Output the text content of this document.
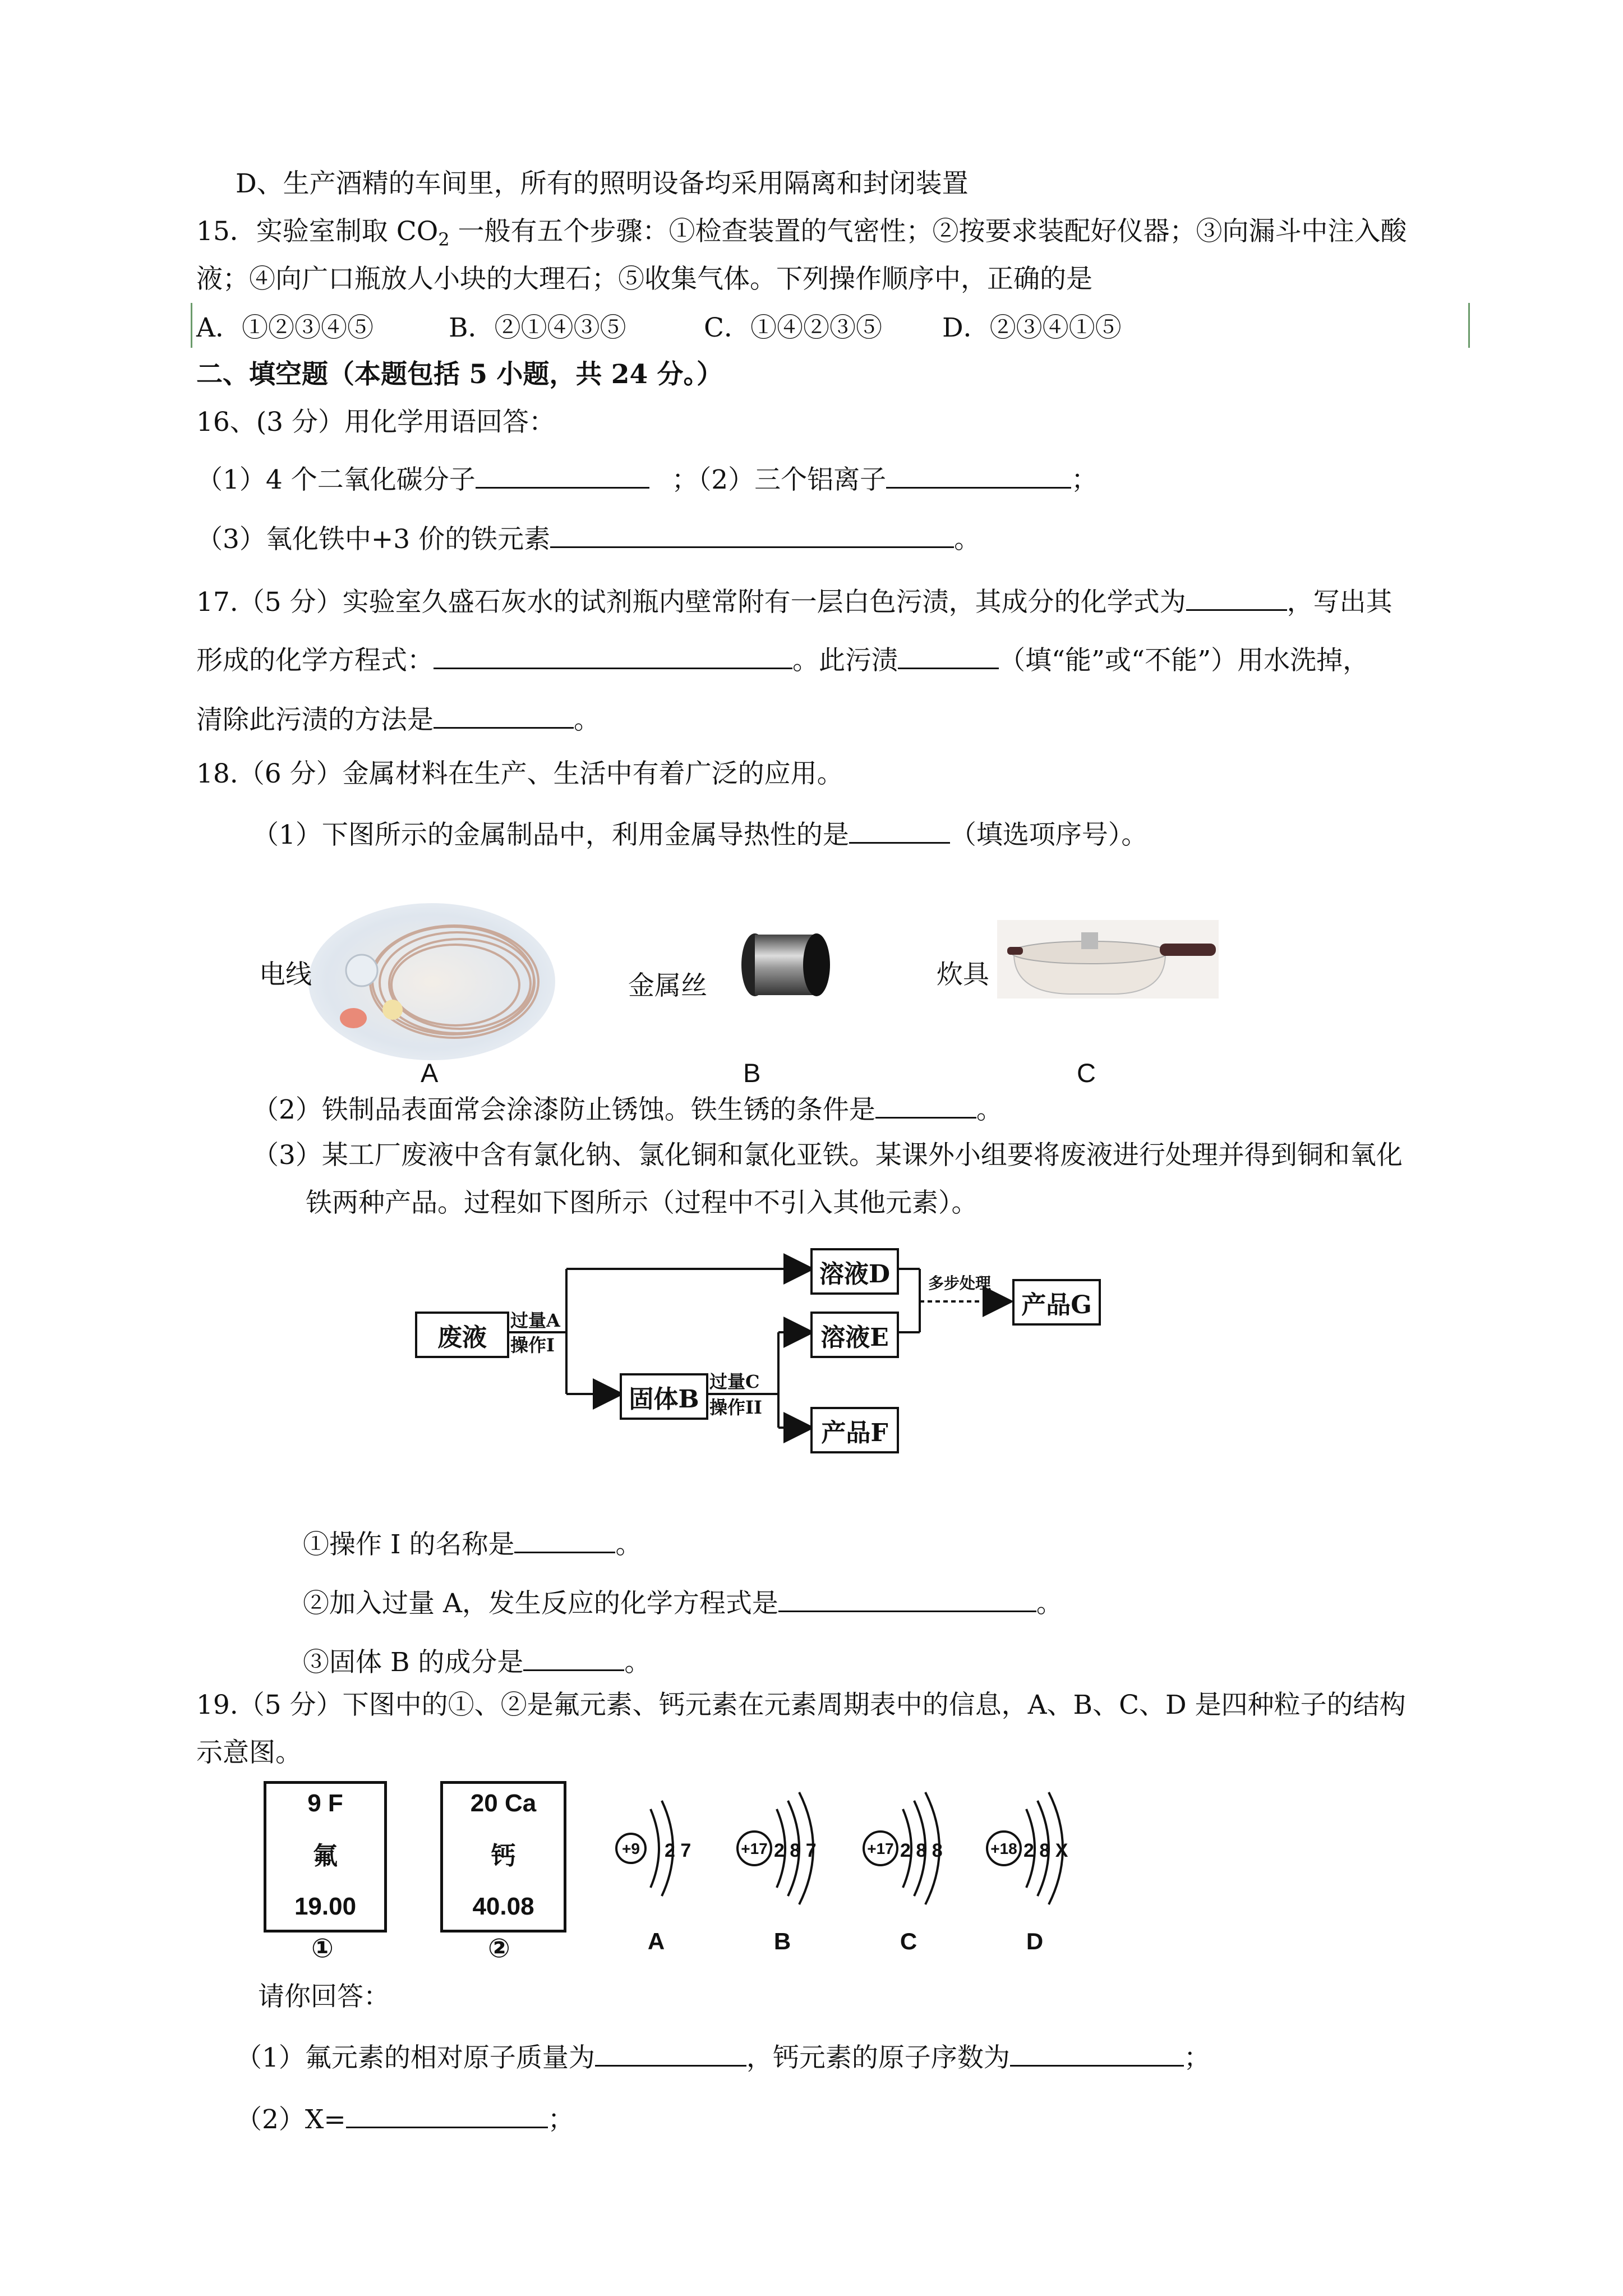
D、生产酒精的车间里，所有的照明设备均采用隔离和封闭装置
15．实验室制取 $CO_2$ 一般有五个步骤：①检查装置的气密性；②按要求装配好仪器；③向漏斗中注入酸
液；④向广口瓶放人小块的大理石；⑤收集气体。下列操作顺序中，正确的是
A．①②③④⑤	B．②①④③⑤	C．①④②③⑤ D．②③④①⑤
二、填空题（本题包括 5 小题，共 24 分。）
16、(3 分）用化学用语回答：
（1）4 个二氧化碳分子	；（2）三个铝离子	；
（3）氧化铁中+3 价的铁元素	。
17.（5 分）实验室久盛石灰水的试剂瓶内壁常附有一层白色污渍，其成分的化学式为	，写出其
形成的化学方程式：	。此污渍	（填“能”或“不能”）用水洗掉，
清除此污渍的方法是	。
18.（6 分）金属材料在生产、生活中有着广泛的应用。
（1）下图所示的金属制品中，利用金属导热性的是	（填选项序号）。
电线
A
金属丝
B
炊具
C
（2）铁制品表面常会涂漆防止锈蚀。铁生锈的条件是	。
（3）某工厂废液中含有氯化钠、氯化铜和氯化亚铁。某课外小组要将废液进行处理并得到铜和氧化
铁两种产品。过程如下图所示（过程中不引入其他元素）。
废液
过量A
操作I
溶液D
固体B
过量C
操作II
溶液E
产品F
多步处理
产品G
①操作 I 的名称是	。
②加入过量 A，发生反应的化学方程式是	。
③固体 B 的成分是	。
19.（5 分）下图中的①、②是氟元素、钙元素在元素周期表中的信息，A、B、C、D 是四种粒子的结构
示意图。
9 F
氟
19.00
①
20 Ca
钙
40.08
②
+9 2 7	+17 2 8 7	+17 2 8 8	+18 2 8 X
A	B	C	D
请你回答：
（1）氟元素的相对原子质量为	，钙元素的原子序数为	；
（2）X=	；
